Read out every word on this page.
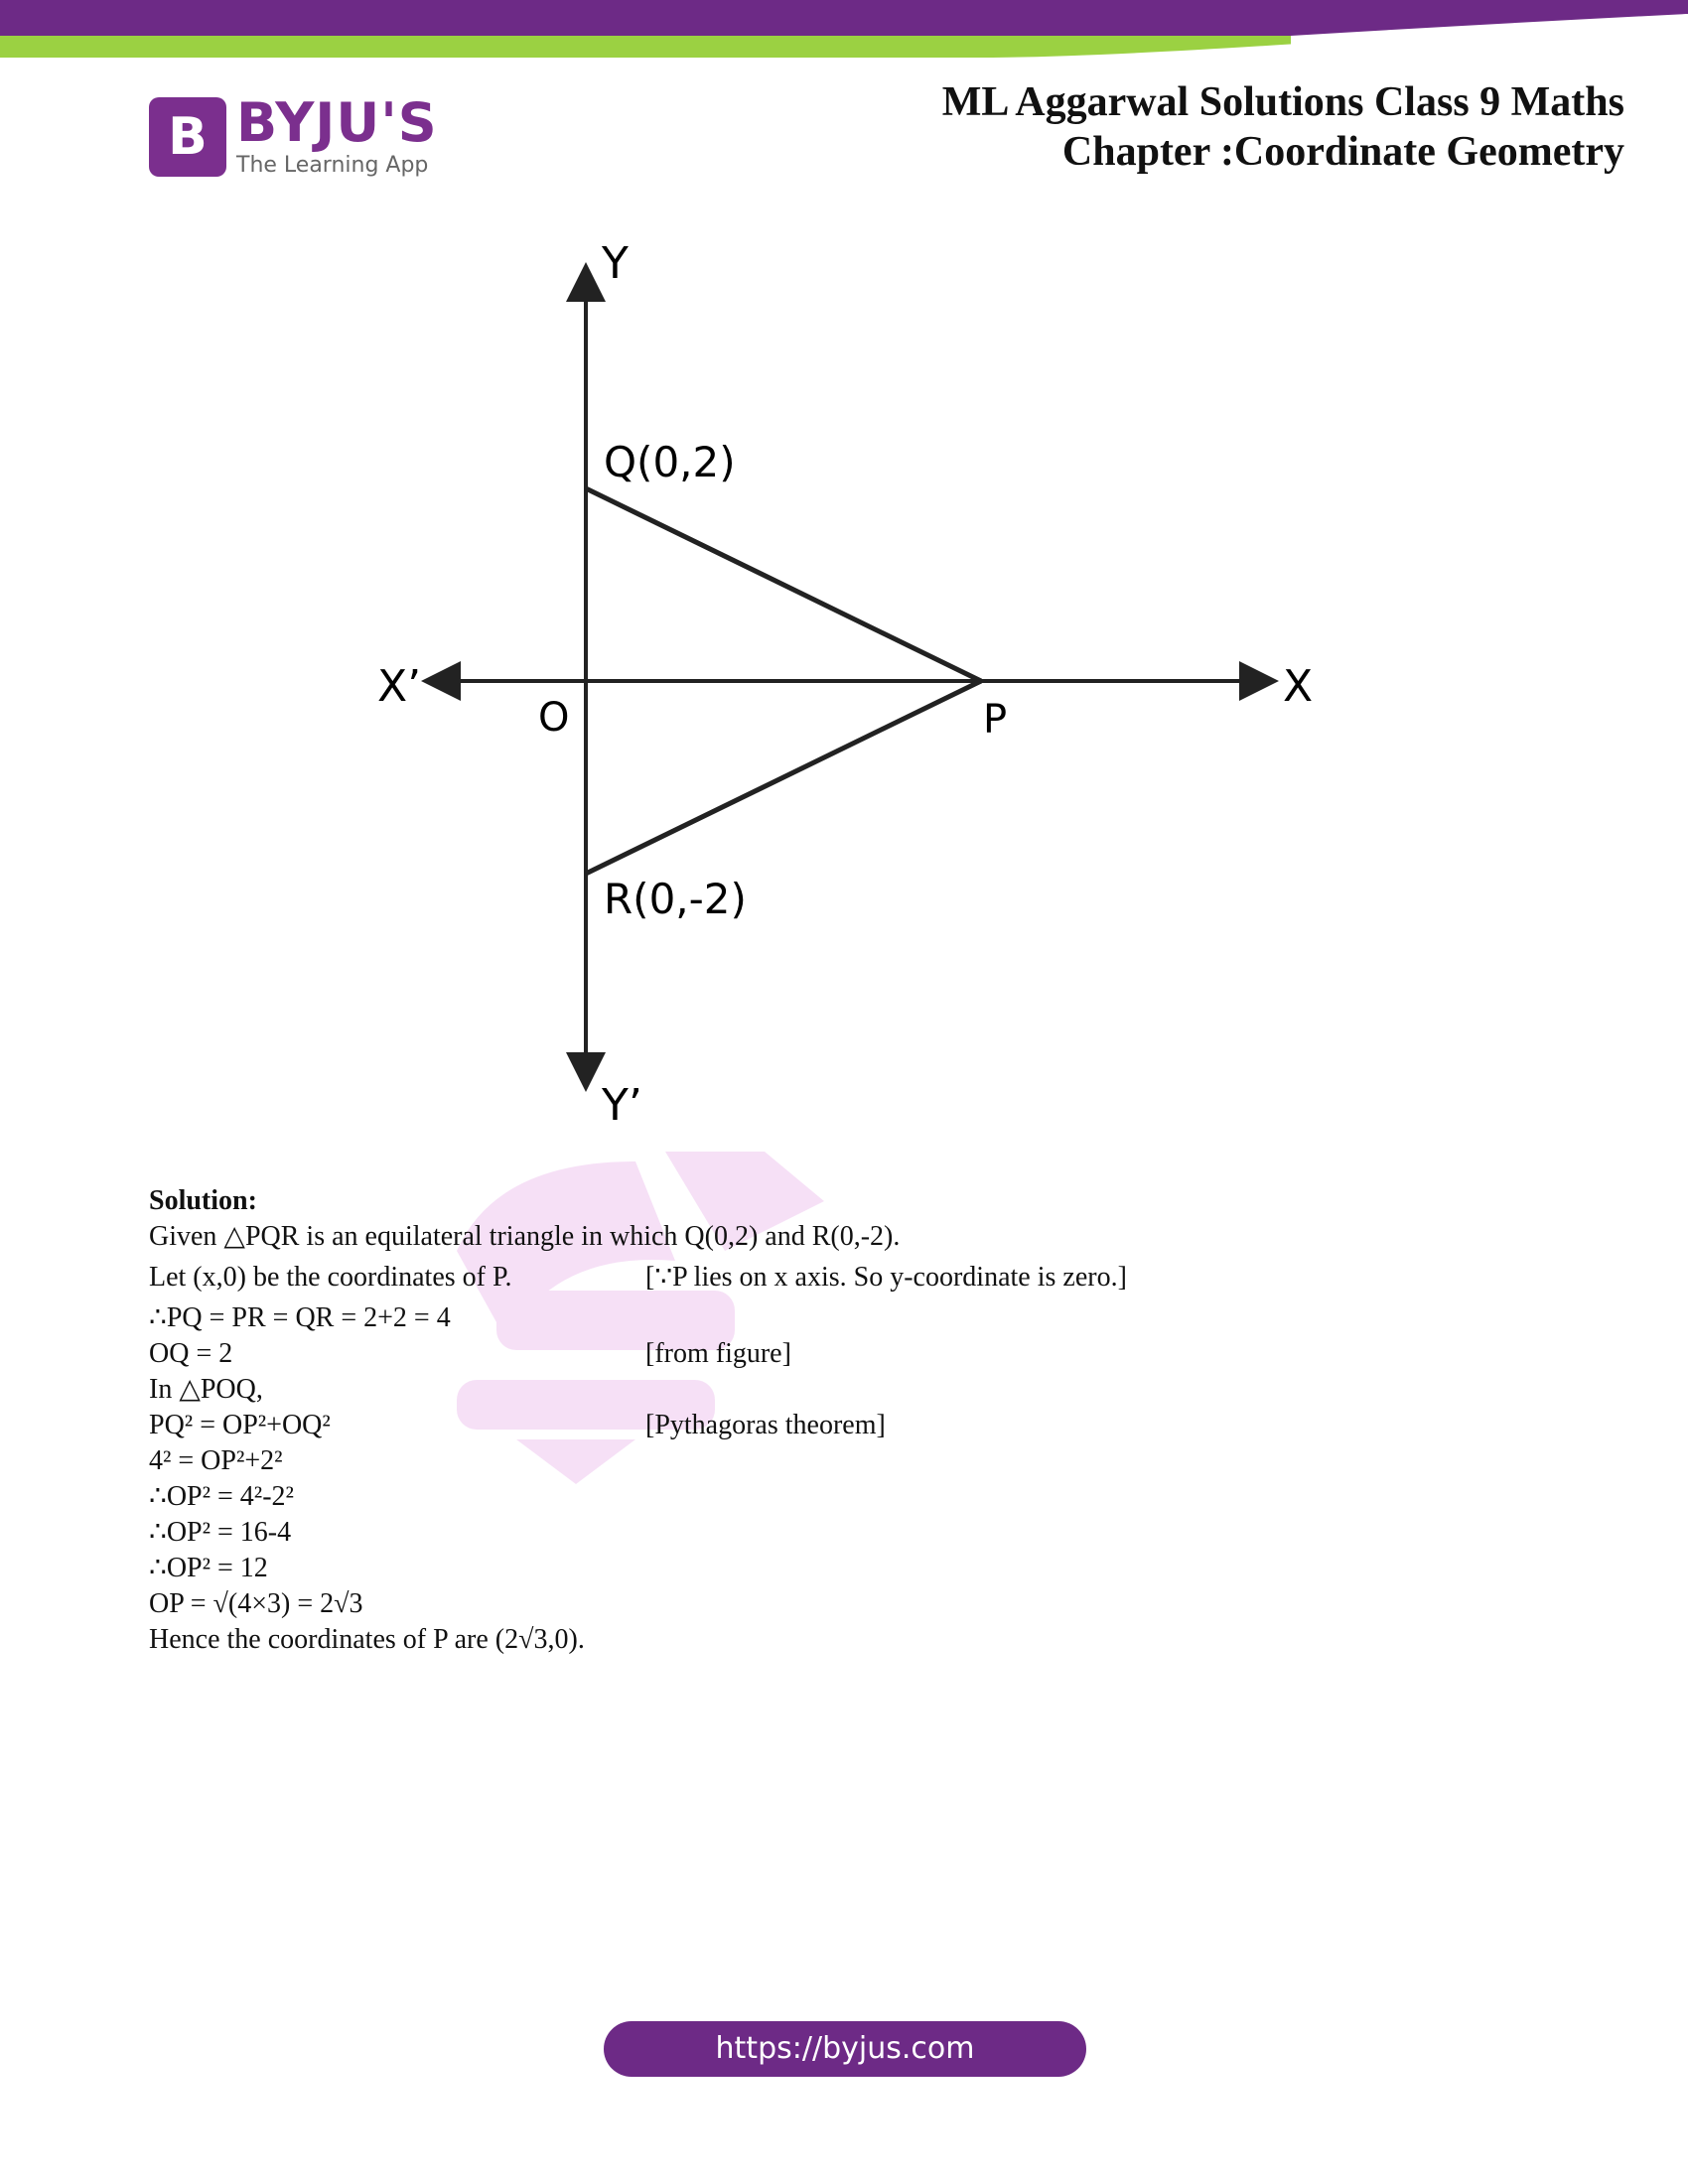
B BYJU'S
The Learning App
ML Aggarwal Solutions Class 9 Maths
Chapter :Coordinate Geometry
Y
Y’
X
X’
O
Q(0,2)
R(0,-2)
P
Solution:
Given △PQR is an equilateral triangle in which Q(0,2) and R(0,-2).
Let (x,0) be the coordinates of P.	[∵P lies on x axis. So y-coordinate is zero.]
∴PQ = PR = QR = 2+2 = 4
OQ = 2	[from figure]
In △POQ,
PQ² = OP²+OQ²	[Pythagoras theorem]
4² = OP²+2²
∴OP² = 4²-2²
∴OP² = 16-4
∴OP² = 12
OP = √(4×3) = 2√3
Hence the coordinates of P are (2√3,0).
https://byjus.com
